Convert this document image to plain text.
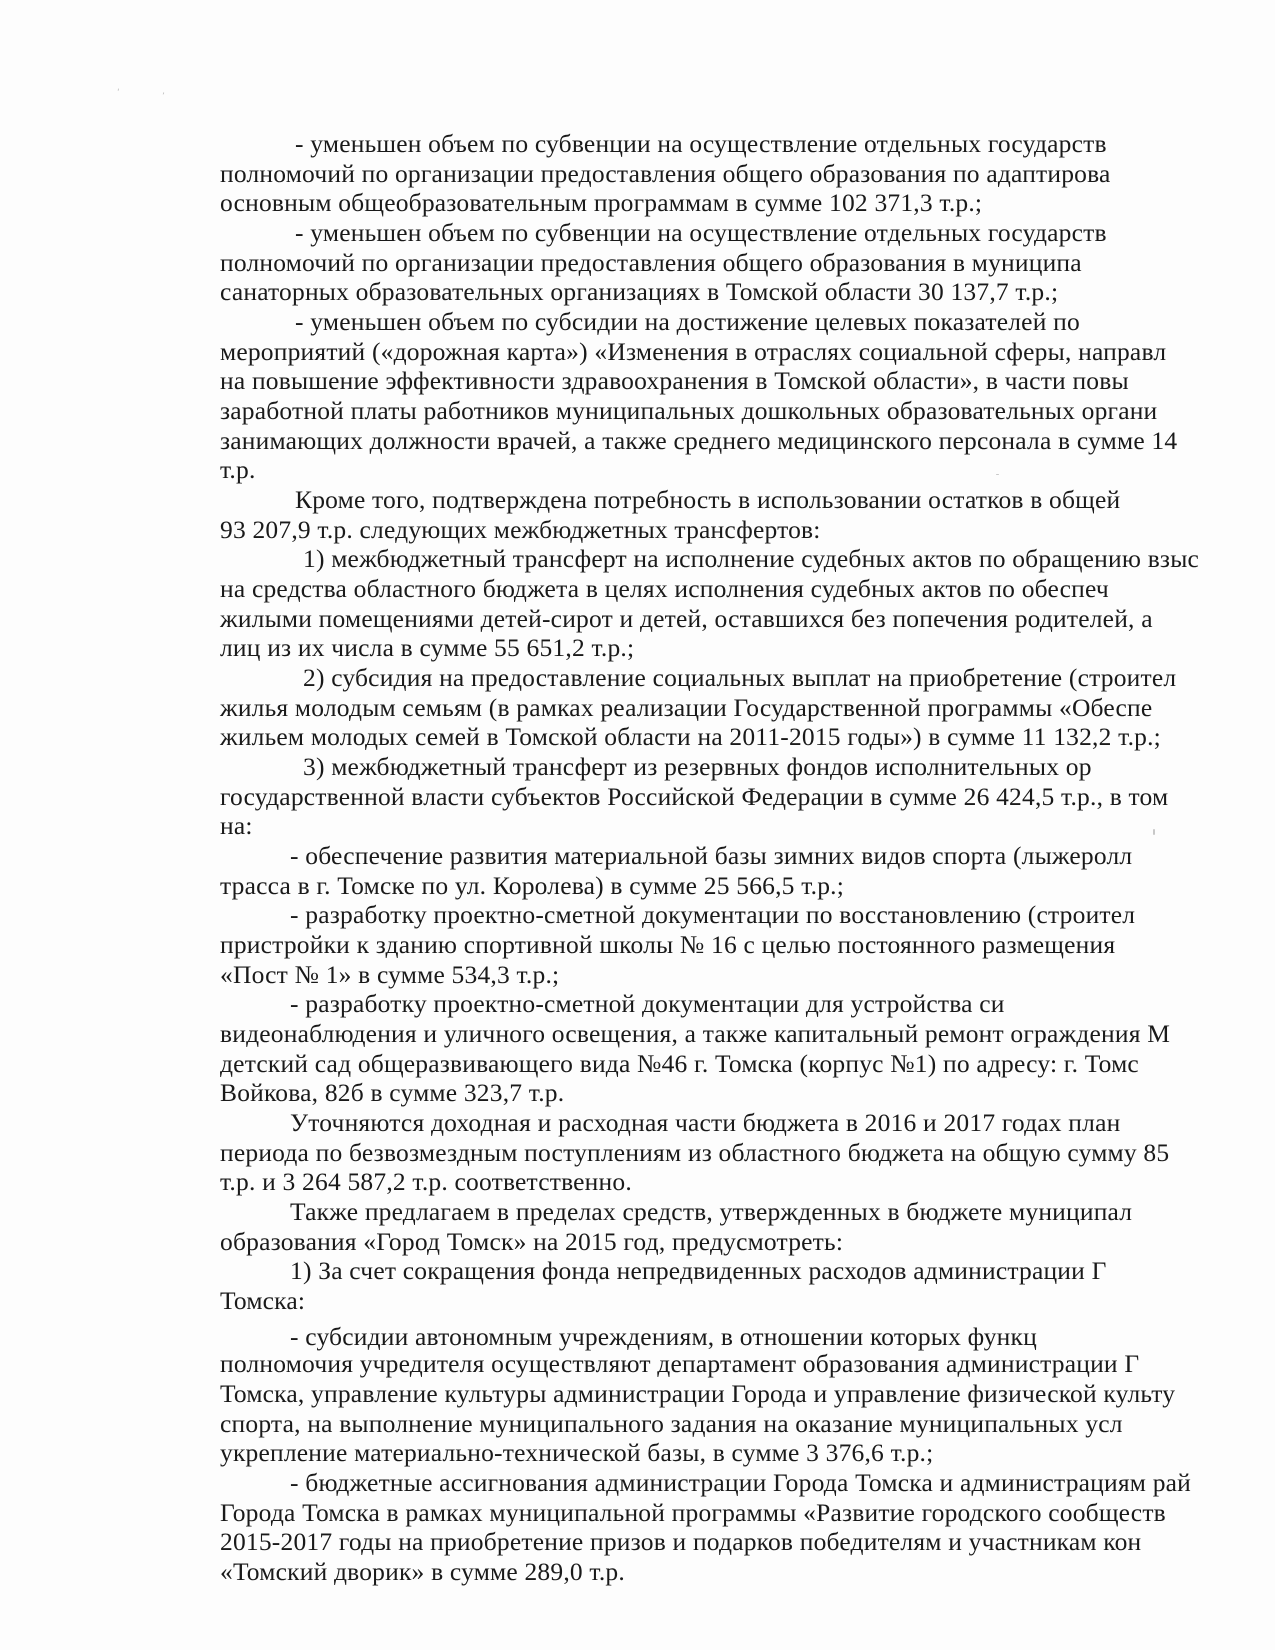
‘	’
- уменьшен объем по субвенции на осуществление отдельных государств
полномочий по организации предоставления общего образования по адаптирова
основным общеобразовательным программам в сумме 102 371,3 т.р.;
- уменьшен объем по субвенции на осуществление отдельных государств
полномочий по организации предоставления общего образования в муниципа
санаторных образовательных организациях в Томской области 30 137,7 т.р.;
- уменьшен объем по субсидии на достижение целевых показателей по
мероприятий («дорожная карта») «Изменения в отраслях социальной сферы, направл
на повышение эффективности здравоохранения в Томской области», в части повы
заработной платы работников муниципальных дошкольных образовательных органи
занимающих должности врачей, а также среднего медицинского персонала в сумме 14
т.р.
Кроме того, подтверждена потребность в использовании остатков в общей
93 207,9 т.р. следующих межбюджетных трансфертов:
1) межбюджетный трансферт на исполнение судебных актов по обращению взыс
на средства областного бюджета в целях исполнения судебных актов по обеспеч
жилыми помещениями детей-сирот и детей, оставшихся без попечения родителей, а
лиц из их числа в сумме 55 651,2 т.р.;
2) субсидия на предоставление социальных выплат на приобретение (строител
жилья молодым семьям (в рамках реализации Государственной программы «Обеспе
жильем молодых семей в Томской области на 2011-2015 годы») в сумме 11 132,2 т.р.;
3) межбюджетный трансферт из резервных фондов исполнительных ор
государственной власти субъектов Российской Федерации в сумме 26 424,5 т.р., в том
на:
- обеспечение развития материальной базы зимних видов спорта (лыжеролл
трасса в г. Томске по ул. Королева) в сумме 25 566,5 т.р.;
- разработку проектно-сметной документации по восстановлению (строител
пристройки к зданию спортивной школы № 16 с целью постоянного размещения
«Пост № 1» в сумме 534,3 т.р.;
- разработку проектно-сметной документации для устройства си
видеонаблюдения и уличного освещения, а также капитальный ремонт ограждения М
детский сад общеразвивающего вида №46 г. Томска (корпус №1) по адресу: г. Томс
Войкова, 82б в сумме 323,7 т.р.
Уточняются доходная и расходная части бюджета в 2016 и 2017 годах план
периода по безвозмездным поступлениям из областного бюджета на общую сумму 85
т.р. и 3 264 587,2 т.р. соответственно.
Также предлагаем в пределах средств, утвержденных в бюджете муниципал
образования «Город Томск» на 2015 год, предусмотреть:
1) За счет сокращения фонда непредвиденных расходов администрации Г
Томска:
- субсидии автономным учреждениям, в отношении которых функц
полномочия учредителя осуществляют департамент образования администрации Г
Томска, управление культуры администрации Города и управление физической культу
спорта, на выполнение муниципального задания на оказание муниципальных усл
укрепление материально-технической базы, в сумме 3 376,6 т.р.;
- бюджетные ассигнования администрации Города Томска и администрациям рай
Города Томска в рамках муниципальной программы «Развитие городского сообществ
2015-2017 годы на приобретение призов и подарков победителям и участникам кон
«Томский дворик» в сумме 289,0 т.р.
